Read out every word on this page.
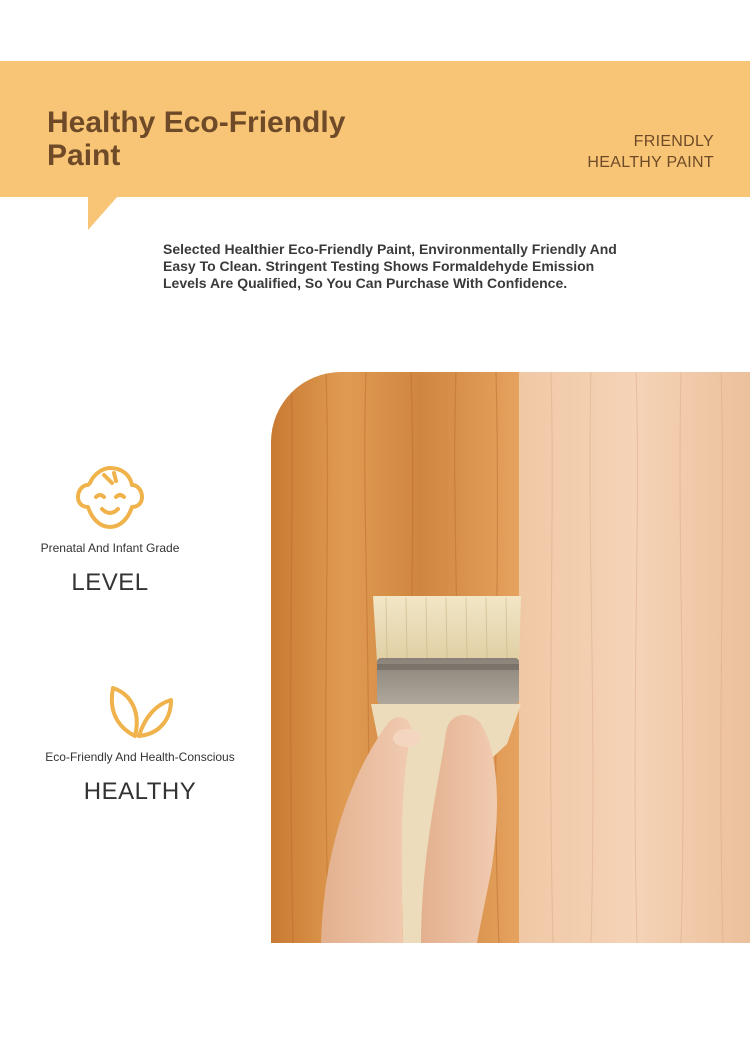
Healthy Eco-Friendly Paint	FRIENDLY
HEALTHY PAINT

Selected Healthier Eco-Friendly Paint, Environmentally Friendly And Easy To Clean. Stringent Testing Shows Formaldehyde Emission Levels Are Qualified, So You Can Purchase With Confidence.

Prenatal And Infant Grade
LEVEL
Eco-Friendly And Health-Conscious
HEALTHY
